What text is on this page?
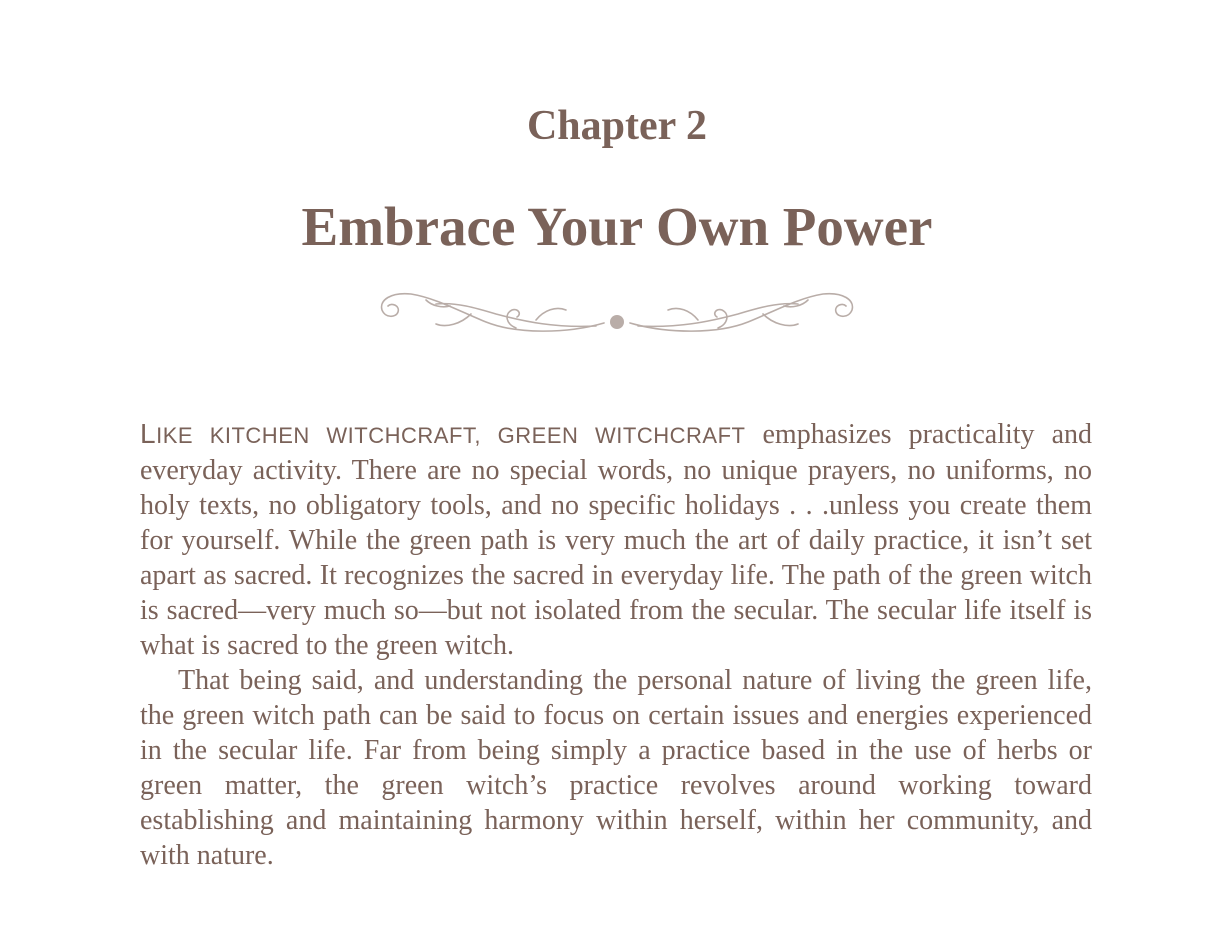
Chapter 2
Embrace Your Own Power

LIKE KITCHEN WITCHCRAFT, GREEN WITCHCRAFT emphasizes practicality and everyday activity. There are no special words, no unique prayers, no uniforms, no holy texts, no obligatory tools, and no specific holidays . . .unless you create them for yourself. While the green path is very much the art of daily practice, it isn’t set apart as sacred. It recognizes the sacred in everyday life. The path of the green witch is sacred—very much so—but not isolated from the secular. The secular life itself is what is sacred to the green witch.

That being said, and understanding the personal nature of living the green life, the green witch path can be said to focus on certain issues and energies experienced in the secular life. Far from being simply a practice based in the use of herbs or green matter, the green witch’s practice revolves around working toward establishing and maintaining harmony within herself, within her community, and with nature.
